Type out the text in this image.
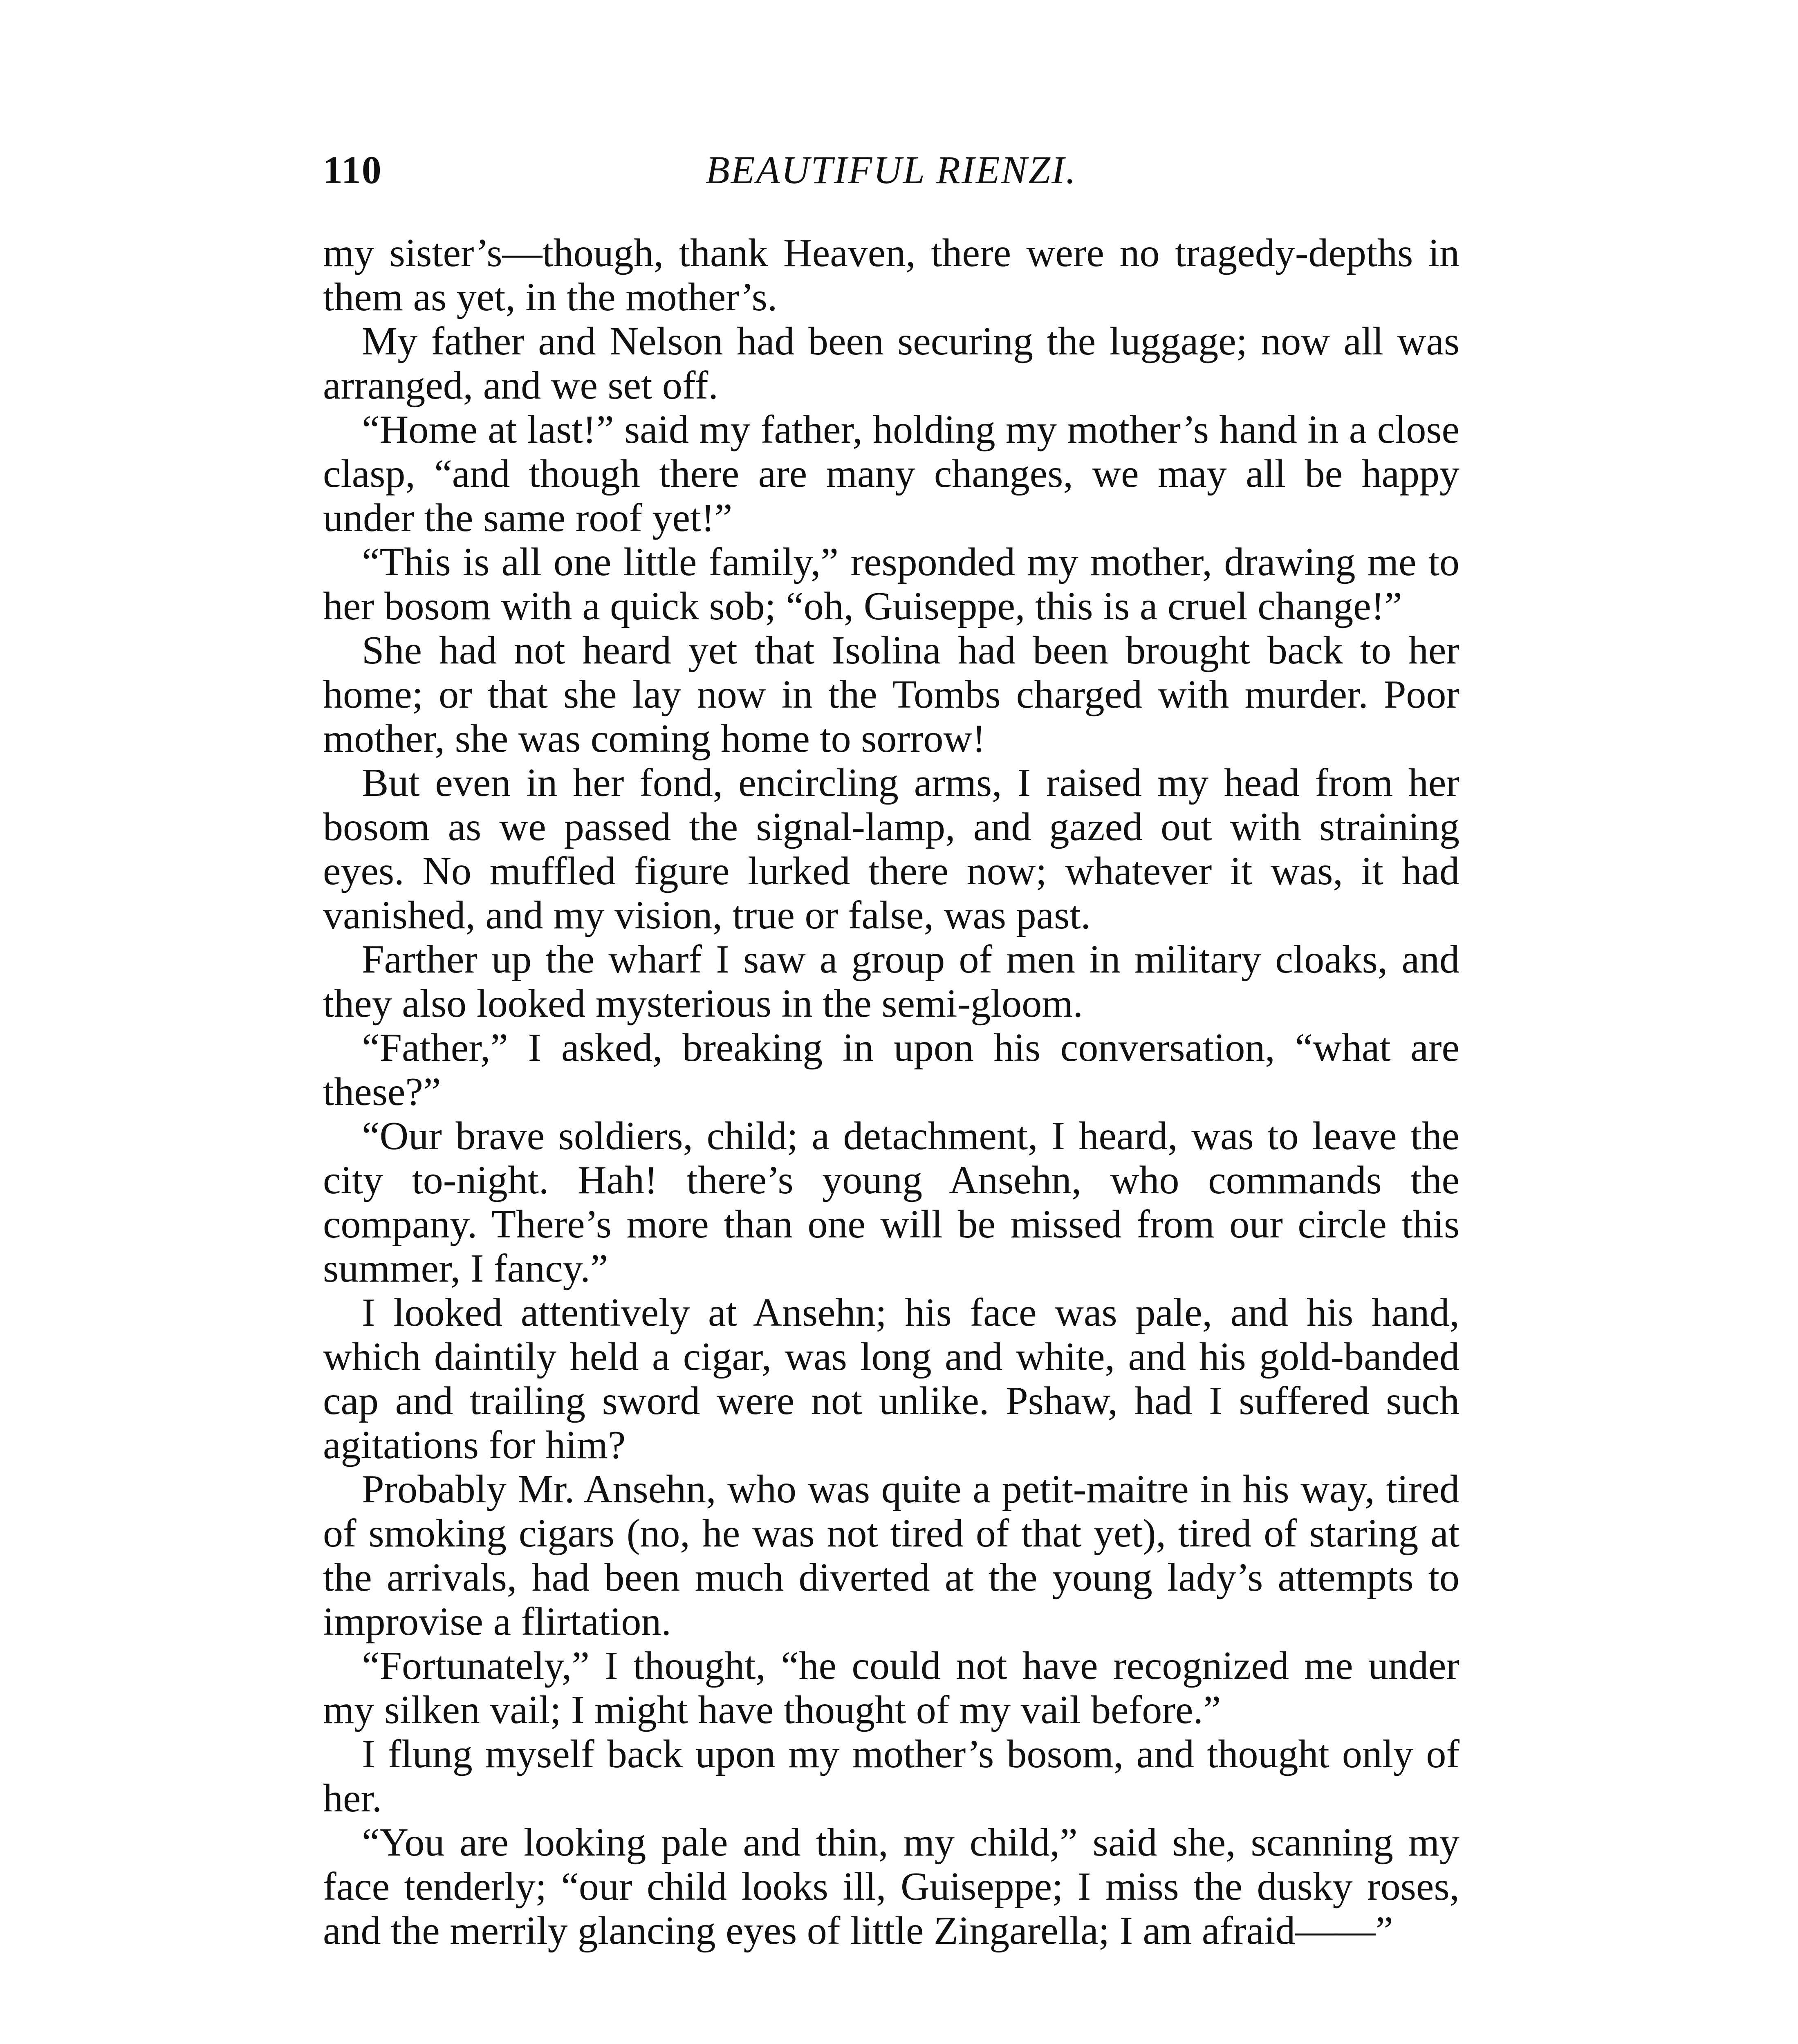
110	BEAUTIFUL RIENZI.

my sister’s—though, thank Heaven, there were no tragedy-depths in them as yet, in the mother’s.

My father and Nelson had been securing the luggage; now all was arranged, and we set off.

“Home at last!” said my father, holding my mother’s hand in a close clasp, “and though there are many changes, we may all be happy under the same roof yet!”

“This is all one little family,” responded my mother, drawing me to her bosom with a quick sob; “oh, Guiseppe, this is a cruel change!”

She had not heard yet that Isolina had been brought back to her home; or that she lay now in the Tombs charged with murder. Poor mother, she was coming home to sorrow!

But even in her fond, encircling arms, I raised my head from her bosom as we passed the signal-lamp, and gazed out with straining eyes. No muffled figure lurked there now; whatever it was, it had vanished, and my vision, true or false, was past.

Farther up the wharf I saw a group of men in military cloaks, and they also looked mysterious in the semi-gloom.

“Father,” I asked, breaking in upon his conversation, “what are these?”

“Our brave soldiers, child; a detachment, I heard, was to leave the city to-night. Hah! there’s young Ansehn, who commands the company. There’s more than one will be missed from our circle this summer, I fancy.”

I looked attentively at Ansehn; his face was pale, and his hand, which daintily held a cigar, was long and white, and his gold-banded cap and trailing sword were not unlike. Pshaw, had I suffered such agitations for him?

Probably Mr. Ansehn, who was quite a petit-maitre in his way, tired of smoking cigars (no, he was not tired of that yet), tired of staring at the arrivals, had been much diverted at the young lady’s attempts to improvise a flirtation.

“Fortunately,” I thought, “he could not have recognized me under my silken vail; I might have thought of my vail before.”

I flung myself back upon my mother’s bosom, and thought only of her.

“You are looking pale and thin, my child,” said she, scanning my face tenderly; “our child looks ill, Guiseppe; I miss the dusky roses, and the merrily glancing eyes of little Zingarella; I am afraid——”
